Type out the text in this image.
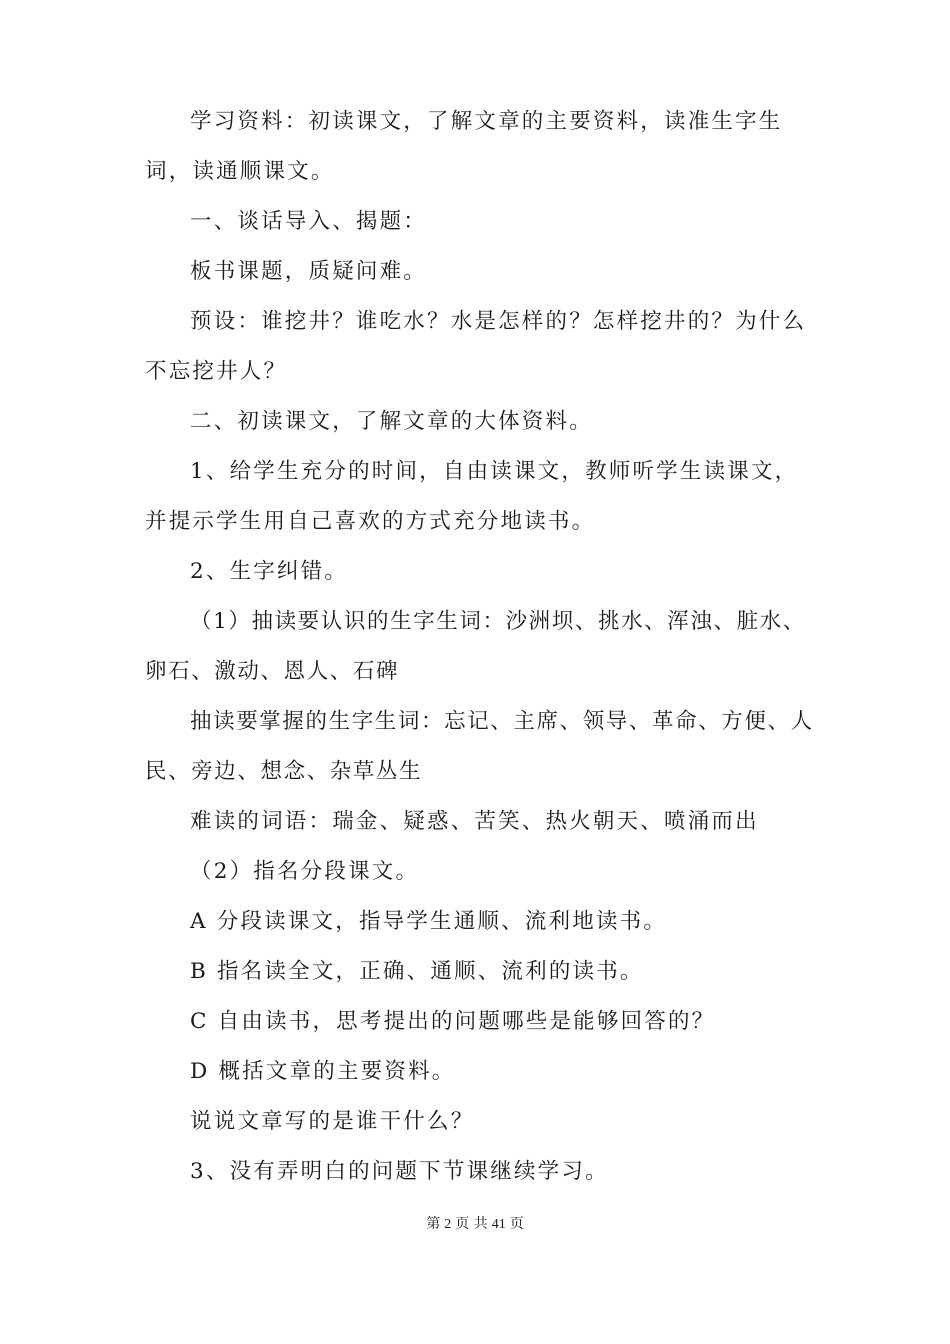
学习资料：初读课文，了解文章的主要资料，读准生字生词，读通顺课文。

一、谈话导入、揭题：

板书课题，质疑问难。

预设：谁挖井？谁吃水？水是怎样的？怎样挖井的？为什么不忘挖井人？

二、初读课文，了解文章的大体资料。

1、给学生充分的时间，自由读课文，教师听学生读课文，并提示学生用自己喜欢的方式充分地读书。

2、生字纠错。

（1）抽读要认识的生字生词：沙洲坝、挑水、浑浊、脏水、卵石、激动、恩人、石碑

抽读要掌握的生字生词：忘记、主席、领导、革命、方便、人民、旁边、想念、杂草丛生

难读的词语：瑞金、疑惑、苦笑、热火朝天、喷涌而出

（2）指名分段课文。

A 分段读课文，指导学生通顺、流利地读书。

B 指名读全文，正确、通顺、流利的读书。

C 自由读书，思考提出的问题哪些是能够回答的？

D 概括文章的主要资料。

说说文章写的是谁干什么？

3、没有弄明白的问题下节课继续学习。

第 2 页 共 41 页
